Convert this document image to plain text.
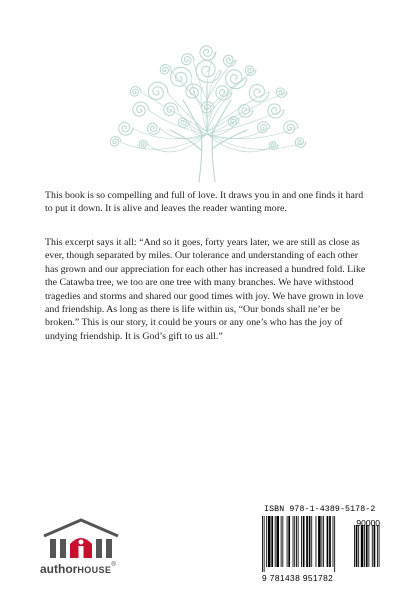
This book is so compelling and full of love. It draws you in and one finds it hard to put it down. It is alive and leaves the reader wanting more.
This excerpt says it all: “And so it goes, forty years later, we are still as close as ever, though separated by miles. Our tolerance and understanding of each other has grown and our appreciation for each other has increased a hundred fold. Like the Catawba tree, we too are one tree with many branches. We have withstood tragedies and storms and shared our good times with joy. We have grown in love and friendship. As long as there is life within us, “Our bonds shall ne’er be broken.” This is our story, it could be yours or any one’s who has the joy of undying friendship. It is God’s gift to us all.”
authorHOUSE®
ISBN 978-1-4389-5178-2
90000
9 781438 951782
